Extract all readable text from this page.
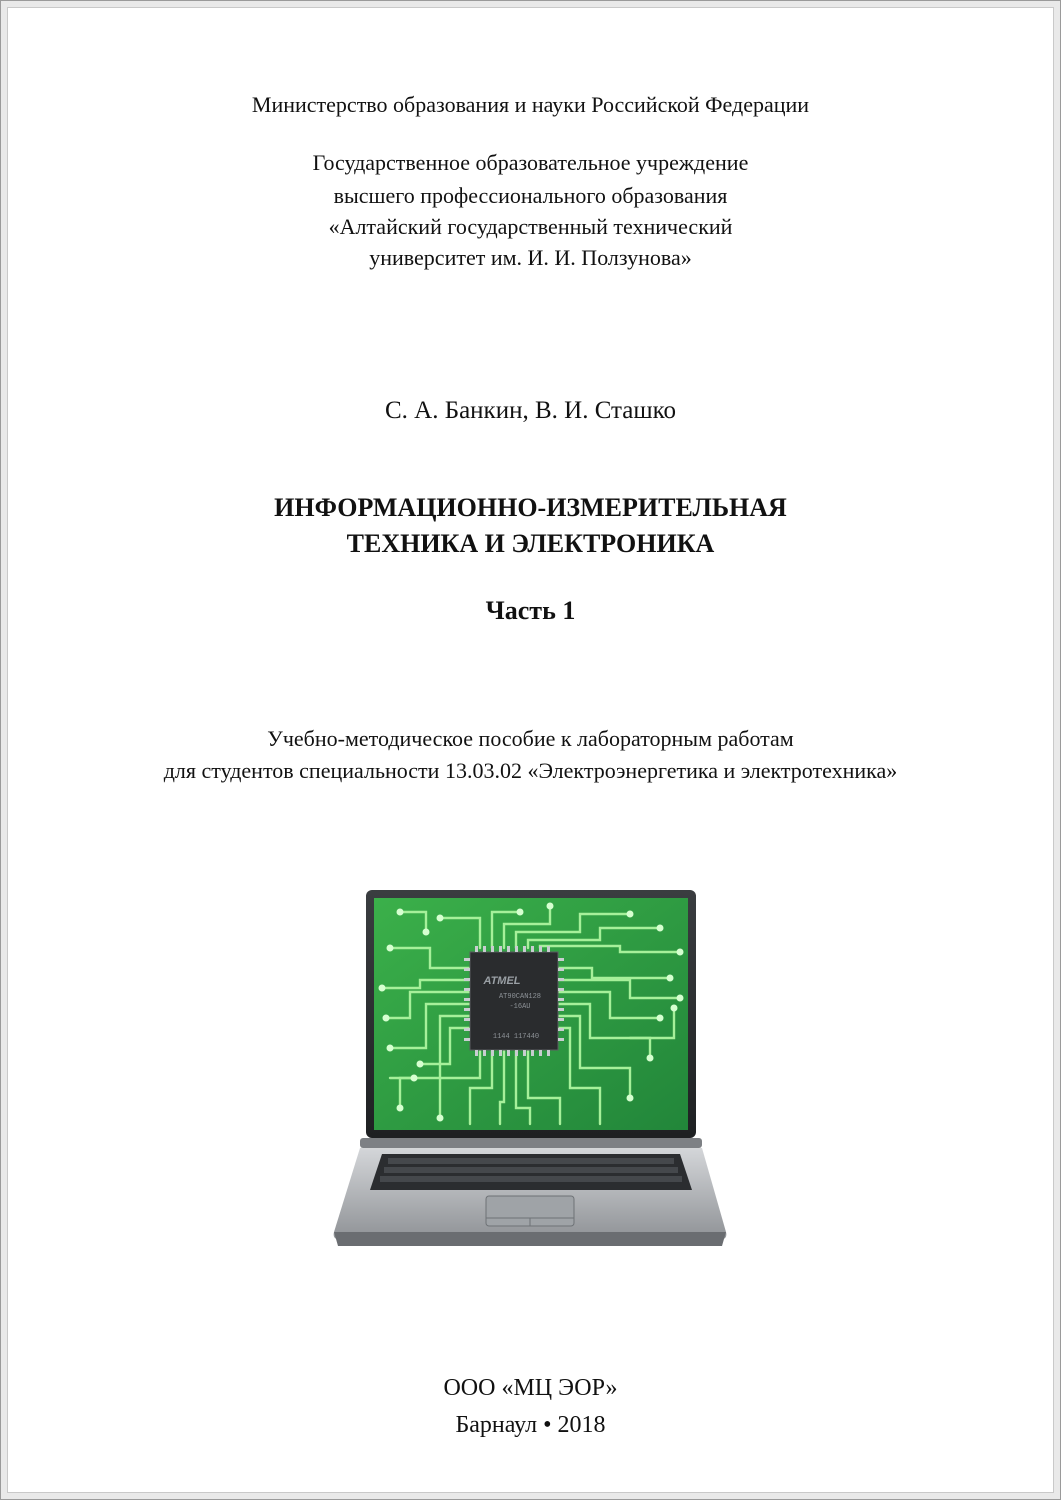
Министерство образования и науки Российской Федерации
Государственное образовательное учреждение
высшего профессионального образования
«Алтайский государственный технический
университет им. И. И. Ползунова»
С. А. Банкин, В. И. Сташко
ИНФОРМАЦИОННО-ИЗМЕРИТЕЛЬНАЯ
ТЕХНИКА И ЭЛЕКТРОНИКА
Часть 1
Учебно-методическое пособие к лабораторным работам
для студентов специальности 13.03.02 «Электроэнергетика и электротехника»
ATMEL
AT90CAN128
-16AU
1144 117440
ООО «МЦ ЭОР»
Барнаул • 2018
